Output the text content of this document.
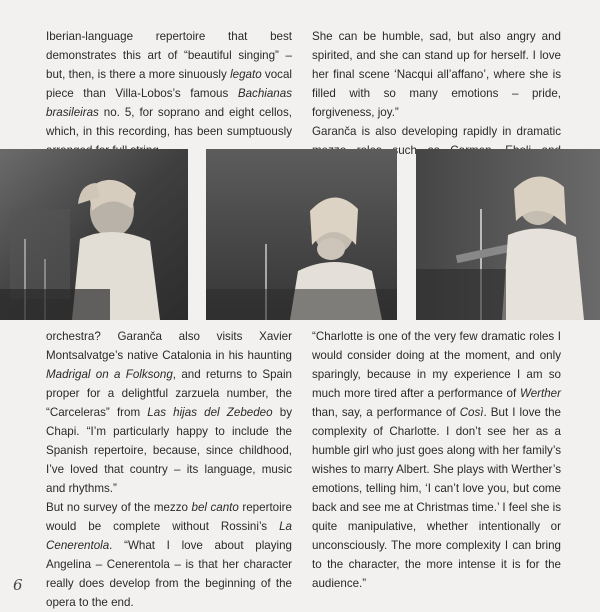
Iberian-language repertoire that best demonstrates this art of “beautiful singing” – but, then, is there a more sinuously legato vocal piece than Villa-Lobos’s famous Bachianas brasileiras no. 5, for soprano and eight cellos, which, in this recording, has been sumptuously

She can be humble, sad, but also angry and spirited, and she can stand up for herself. I love her final scene ‘Nacqui all’affano’, where she is filled with so many emotions – pride, forgiveness, joy.”

Garanča is also developing rapidly in dramatic such

orchestra? Garanča also visits Xavier Montsalvatge’s native Catalonia in his haunting Madrigal on a Folksong, and returns to Spain proper for a delightful zarzuela number, the “Carceleras” from Las hijas del Zebedeo by Chapi. “I’m particularly happy to include the Spanish repertoire, because, since childhood, I’ve loved that country – its language, music and rhythms.”

But no survey of the mezzo bel canto repertoire would be complete without Rossini’s La Cenerentola. “What I love about playing Angelina – Cenerentola – is that her character really does develop from the beginning of the opera to the end.

“Charlotte is one of the very few dramatic roles I would consider doing at the moment, and only sparingly, because in my experience I am so much more tired after a performance of Werther than, say, a performance of Così. But I love the complexity of Charlotte. I don’t see her as a humble girl who just goes along with her family’s wishes to marry Albert. She plays with Werther’s emotions, telling him, ‘I can’t love you, but come back and see me at Christmas time.’ I feel she is quite manipulative, whether intentionally or unconsciously. The more complexity I can bring to the character, the more intense it is for the audience.”

6
